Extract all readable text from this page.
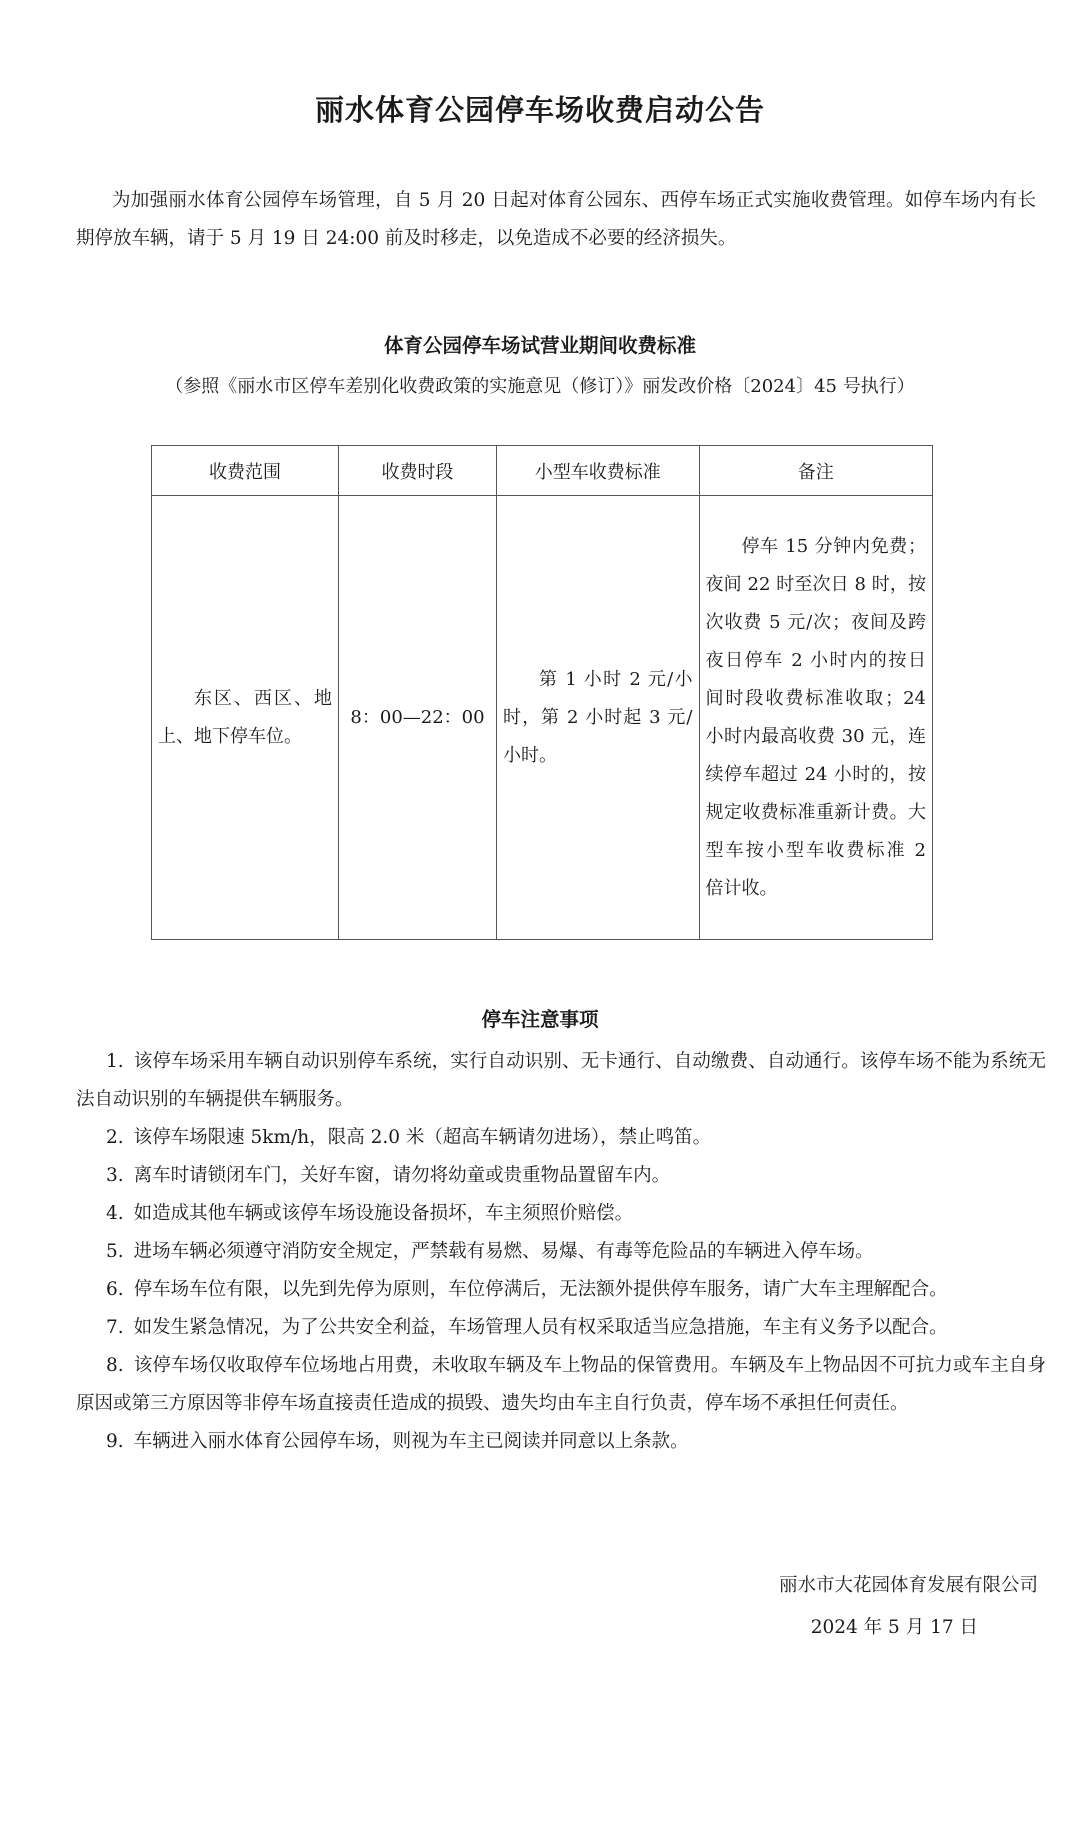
丽水体育公园停车场收费启动公告

为加强丽水体育公园停车场管理，自 5 月 20 日起对体育公园东、西停车场正式实施收费管理。如停车场内有长期停放车辆，请于 5 月 19 日 24:00 前及时移走，以免造成不必要的经济损失。

体育公园停车场试营业期间收费标准
（参照《丽水市区停车差别化收费政策的实施意见（修订）》丽发改价格〔2024〕45 号执行）
收费范围	收费时段	小型车收费标准	备注
东区、西区、地上、地下停车位。	8：00—22：00	第 1 小时 2 元/小时，第 2 小时起 3 元/小时。	停车 15 分钟内免费；夜间 22 时至次日 8 时，按次收费 5 元/次；夜间及跨夜日停车 2 小时内的按日间时段收费标准收取；24 小时内最高收费 30 元，连续停车超过 24 小时的，按规定收费标准重新计费。大型车按小型车收费标准 2 倍计收。
停车注意事项
1. 该停车场采用车辆自动识别停车系统，实行自动识别、无卡通行、自动缴费、自动通行。该停车场不能为系统无法自动识别的车辆提供车辆服务。
2. 该停车场限速 5km/h，限高 2.0 米（超高车辆请勿进场），禁止鸣笛。
3. 离车时请锁闭车门，关好车窗，请勿将幼童或贵重物品置留车内。
4. 如造成其他车辆或该停车场设施设备损坏，车主须照价赔偿。
5. 进场车辆必须遵守消防安全规定，严禁载有易燃、易爆、有毒等危险品的车辆进入停车场。
6. 停车场车位有限，以先到先停为原则，车位停满后，无法额外提供停车服务，请广大车主理解配合。
7. 如发生紧急情况，为了公共安全利益，车场管理人员有权采取适当应急措施，车主有义务予以配合。
8. 该停车场仅收取停车位场地占用费，未收取车辆及车上物品的保管费用。车辆及车上物品因不可抗力或车主自身原因或第三方原因等非停车场直接责任造成的损毁、遗失均由车主自行负责，停车场不承担任何责任。
9. 车辆进入丽水体育公园停车场，则视为车主已阅读并同意以上条款。
丽水市大花园体育发展有限公司
2024 年 5 月 17 日
